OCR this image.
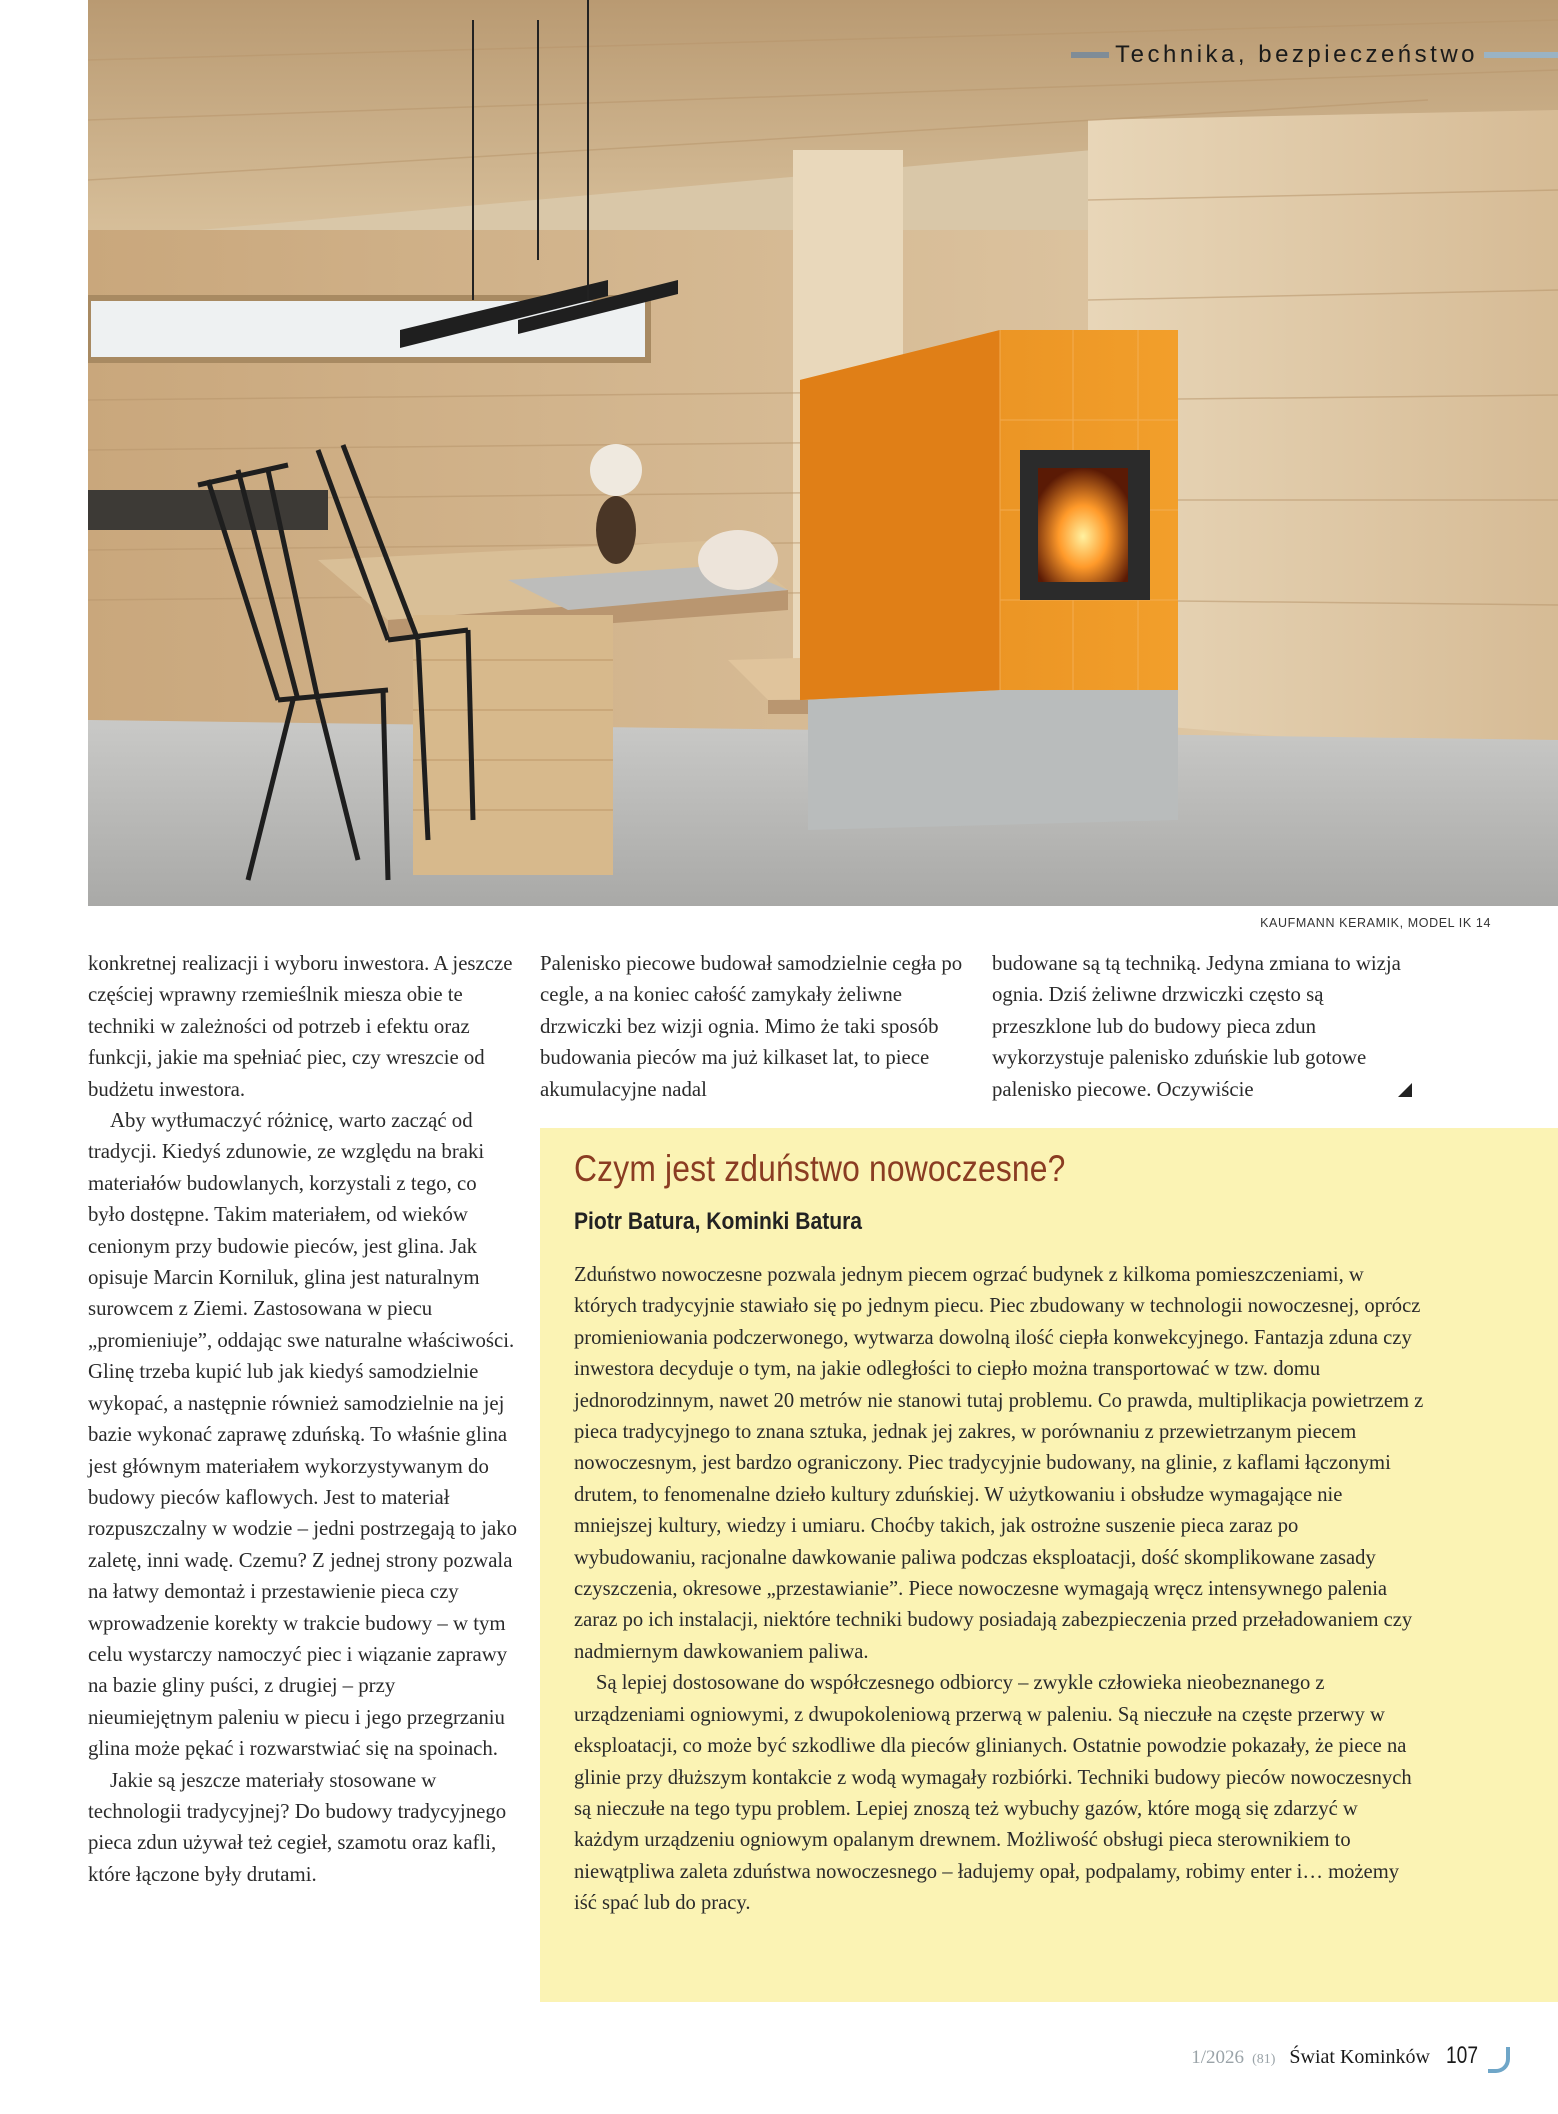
Technika, bezpieczeństwo
KAUFMANN KERAMIK, MODEL IK 14

konkretnej realizacji i wyboru inwestora. A jeszcze częściej wprawny rzemieślnik miesza obie te techniki w zależności od potrzeb i efektu oraz funkcji, jakie ma spełniać piec, czy wreszcie od budżetu inwestora.

Aby wytłumaczyć różnicę, warto zacząć od tradycji. Kiedyś zdunowie, ze względu na braki materiałów budowlanych, korzystali z tego, co było dostępne. Takim materiałem, od wieków cenionym przy budowie pieców, jest glina. Jak opisuje Marcin Korniluk, glina jest naturalnym surowcem z Ziemi. Zastosowana w piecu „promieniuje”, oddając swe naturalne właściwości. Glinę trzeba kupić lub jak kiedyś samodzielnie wykopać, a następnie również samodzielnie na jej bazie wykonać zaprawę zduńską. To właśnie glina jest głównym materiałem wykorzystywanym do budowy pieców kaflowych. Jest to materiał rozpuszczalny w wodzie – jedni postrzegają to jako zaletę, inni wadę. Czemu? Z jednej strony pozwala na łatwy demontaż i przestawienie pieca czy wprowadzenie korekty w trakcie budowy – w tym celu wystarczy namoczyć piec i wiązanie zaprawy na bazie gliny puści, z drugiej – przy nieumiejętnym paleniu w piecu i jego przegrzaniu glina może pękać i rozwarstwiać się na spoinach.

Jakie są jeszcze materiały stosowane w technologii tradycyjnej? Do budowy tradycyjnego pieca zdun używał też cegieł, szamotu oraz kafli, które łączone były drutami.

Palenisko piecowe budował samodzielnie cegła po cegle, a na koniec całość zamykały żeliwne drzwiczki bez wizji ognia. Mimo że taki sposób budowania pieców ma już kilkaset lat, to piece akumulacyjne nadal

budowane są tą techniką. Jedyna zmiana to wizja ognia. Dziś żeliwne drzwiczki często są przeszklone lub do budowy pieca zdun wykorzystuje palenisko zduńskie lub gotowe palenisko piecowe. Oczywiście

Czym jest zduństwo nowoczesne?
Piotr Batura, Kominki Batura

Zduństwo nowoczesne pozwala jednym piecem ogrzać budynek z kilkoma pomieszczeniami, w których tradycyjnie stawiało się po jednym piecu. Piec zbudowany w technologii nowoczesnej, oprócz promieniowania podczerwonego, wytwarza dowolną ilość ciepła konwekcyjnego. Fantazja zduna czy inwestora decyduje o tym, na jakie odległości to ciepło można transportować w tzw. domu jednorodzinnym, nawet 20 metrów nie stanowi tutaj problemu. Co prawda, multiplikacja powietrzem z pieca tradycyjnego to znana sztuka, jednak jej zakres, w porównaniu z przewietrzanym piecem nowoczesnym, jest bardzo ograniczony. Piec tradycyjnie budowany, na glinie, z kaflami łączonymi drutem, to fenomenalne dzieło kultury zduńskiej. W użytkowaniu i obsłudze wymagające nie mniejszej kultury, wiedzy i umiaru. Choćby takich, jak ostrożne suszenie pieca zaraz po wybudowaniu, racjonalne dawkowanie paliwa podczas eksploatacji, dość skomplikowane zasady czyszczenia, okresowe „przestawianie”. Piece nowoczesne wymagają wręcz intensywnego palenia zaraz po ich instalacji, niektóre techniki budowy posiadają zabezpieczenia przed przeładowaniem czy nadmiernym dawkowaniem paliwa.

Są lepiej dostosowane do współczesnego odbiorcy – zwykle człowieka nieobeznanego z urządzeniami ogniowymi, z dwupokoleniową przerwą w paleniu. Są nieczułe na częste przerwy w eksploatacji, co może być szkodliwe dla pieców glinianych. Ostatnie powodzie pokazały, że piece na glinie przy dłuższym kontakcie z wodą wymagały rozbiórki. Techniki budowy pieców nowoczesnych są nieczułe na tego typu problem. Lepiej znoszą też wybuchy gazów, które mogą się zdarzyć w każdym urządzeniu ogniowym opalanym drewnem. Możliwość obsługi pieca sterownikiem to niewątpliwa zaleta zduństwa nowoczesnego – ładujemy opał, podpalamy, robimy enter i… możemy iść spać lub do pracy.

1/2026 (81) Świat Kominków 107
